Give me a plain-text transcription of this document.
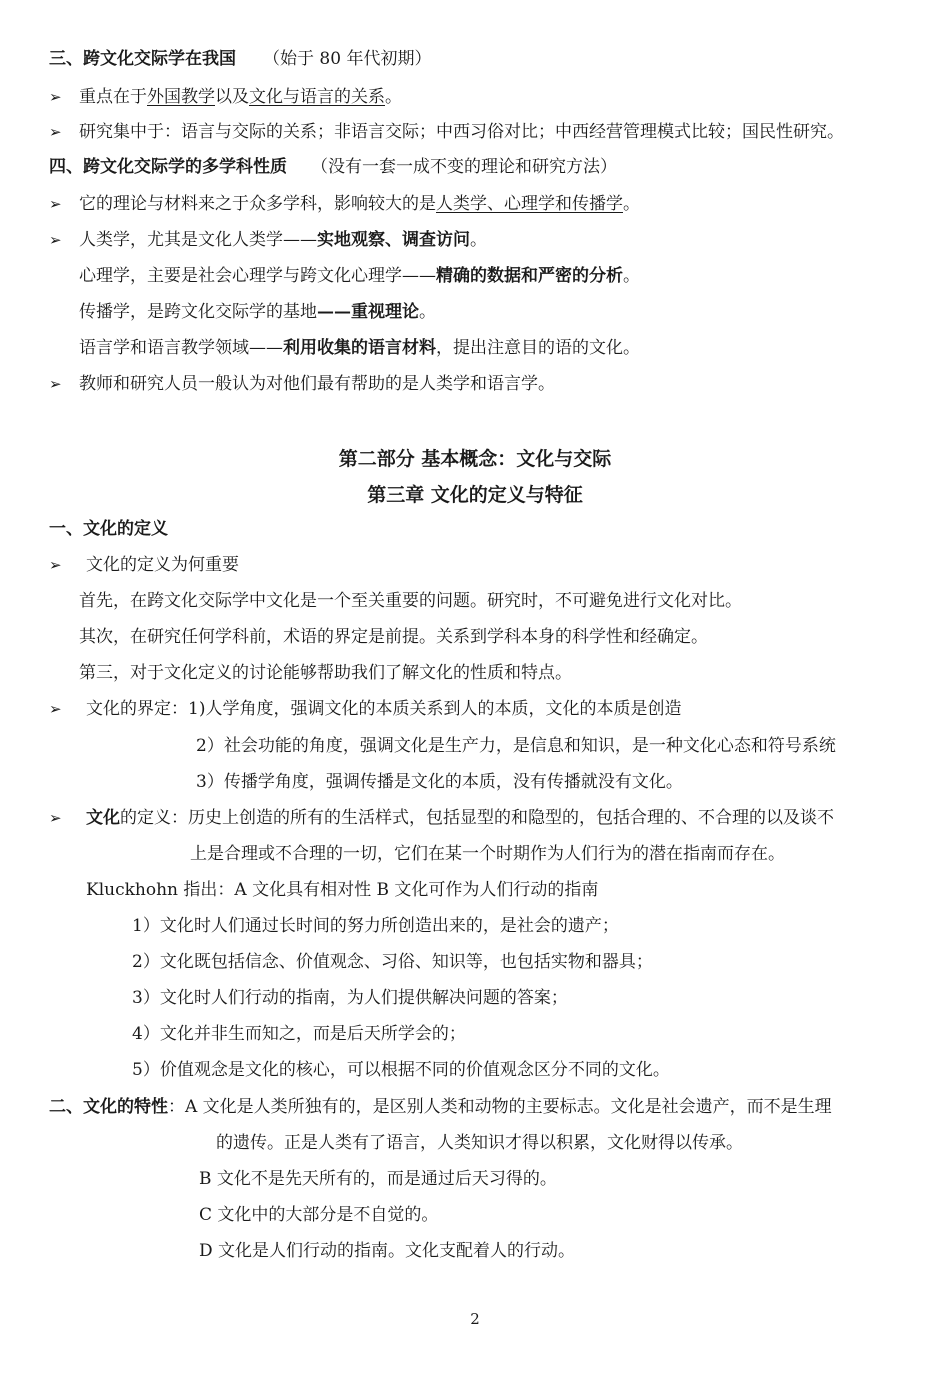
三、跨文化交际学在我国 （始于 80 年代初期）
➢ 重点在于外国教学以及文化与语言的关系。
➢ 研究集中于：语言与交际的关系；非语言交际；中西习俗对比；中西经营管理模式比较；国民性研究。
四、跨文化交际学的多学科性质 （没有一套一成不变的理论和研究方法）
➢ 它的理论与材料来之于众多学科，影响较大的是人类学、心理学和传播学。
➢ 人类学，尤其是文化人类学——实地观察、调查访问。
心理学，主要是社会心理学与跨文化心理学——精确的数据和严密的分析。
传播学，是跨文化交际学的基地——重视理论。
语言学和语言教学领域——利用收集的语言材料，提出注意目的语的文化。
➢ 教师和研究人员一般认为对他们最有帮助的是人类学和语言学。
第二部分 基本概念：文化与交际
第三章 文化的定义与特征
一、文化的定义
➢ 文化的定义为何重要
首先，在跨文化交际学中文化是一个至关重要的问题。研究时，不可避免进行文化对比。
其次，在研究任何学科前，术语的界定是前提。关系到学科本身的科学性和经确定。
第三，对于文化定义的讨论能够帮助我们了解文化的性质和特点。
➢ 文化的界定：1)人学角度，强调文化的本质关系到人的本质，文化的本质是创造
2）社会功能的角度，强调文化是生产力，是信息和知识，是一种文化心态和符号系统
3）传播学角度，强调传播是文化的本质，没有传播就没有文化。
➢ 文化的定义：历史上创造的所有的生活样式，包括显型的和隐型的，包括合理的、不合理的以及谈不
上是合理或不合理的一切，它们在某一个时期作为人们行为的潜在指南而存在。
Kluckhohn 指出：A 文化具有相对性 B 文化可作为人们行动的指南
1）文化时人们通过长时间的努力所创造出来的，是社会的遗产；
2）文化既包括信念、价值观念、习俗、知识等，也包括实物和器具；
3）文化时人们行动的指南，为人们提供解决问题的答案；
4）文化并非生而知之，而是后天所学会的；
5）价值观念是文化的核心，可以根据不同的价值观念区分不同的文化。
二、文化的特性：A 文化是人类所独有的，是区别人类和动物的主要标志。文化是社会遗产，而不是生理
的遗传。正是人类有了语言，人类知识才得以积累，文化财得以传承。
B 文化不是先天所有的，而是通过后天习得的。
C 文化中的大部分是不自觉的。
D 文化是人们行动的指南。文化支配着人的行动。
2
